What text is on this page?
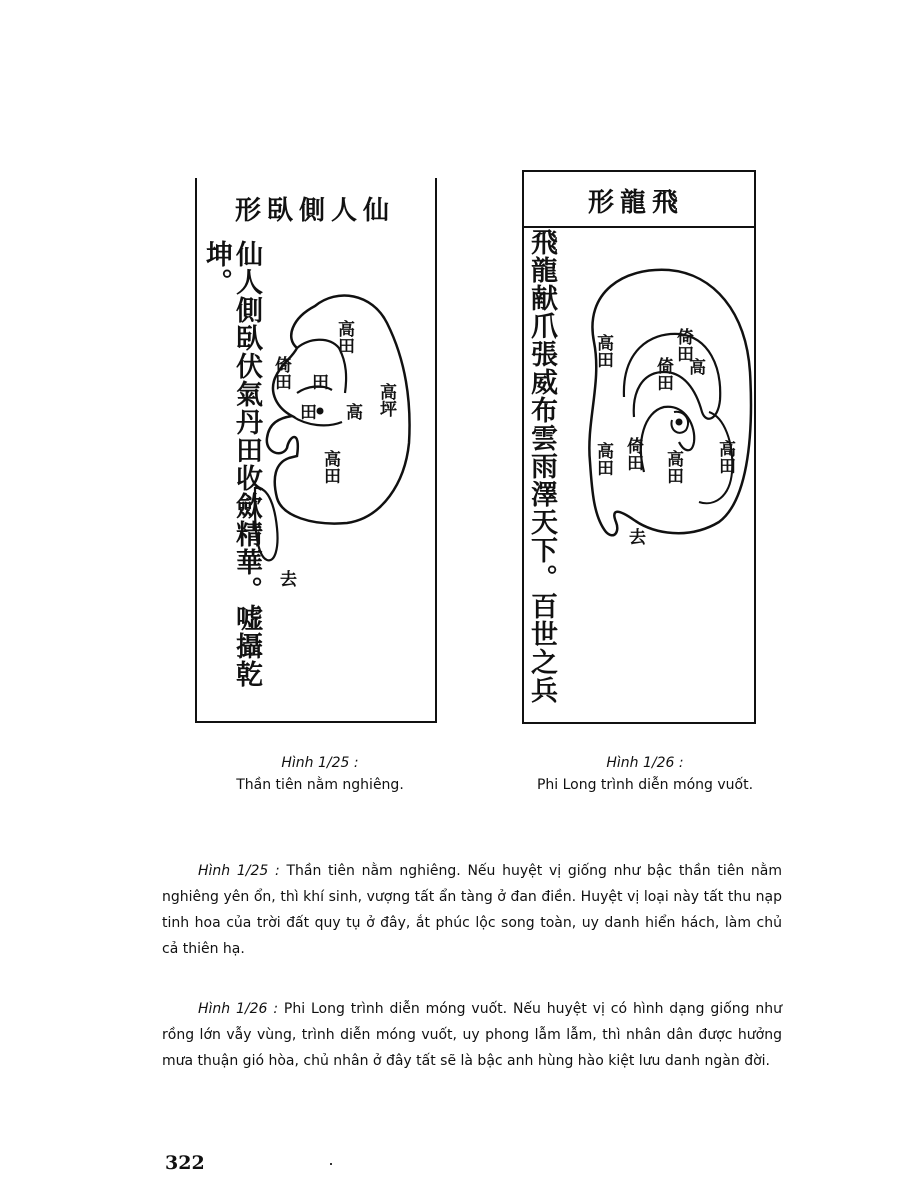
形臥側人仙
仙人側臥伏氣丹田收歛精華。嘘攝乾坤。
高田
倚田 田
田 高 高坪
高田
去
形龍飛
飛龍献爪張威布雲雨澤天下。百世之兵	倚田
高
高田
倚田
高田 倚田 高田 高田
去
Hình 1/25 :
Thần tiên nằm nghiêng.
Hình 1/26 :
Phi Long trình diễn móng vuốt.

Hình 1/25 : Thần tiên nằm nghiêng. Nếu huyệt vị giống như bậc thần tiên nằm nghiêng yên ổn, thì khí sinh, vượng tất ẩn tàng ở đan điền. Huyệt vị loại này tất thu nạp tinh hoa của trời đất quy tụ ở đây, ắt phúc lộc song toàn, uy danh hiển hách, làm chủ cả thiên hạ.

Hình 1/26 : Phi Long trình diễn móng vuốt. Nếu huyệt vị có hình dạng giống như rồng lớn vẫy vùng, trình diễn móng vuốt, uy phong lẫm lẫm, thì nhân dân được hưởng mưa thuận gió hòa, chủ nhân ở đây tất sẽ là bậc anh hùng hào kiệt lưu danh ngàn đời.

322
